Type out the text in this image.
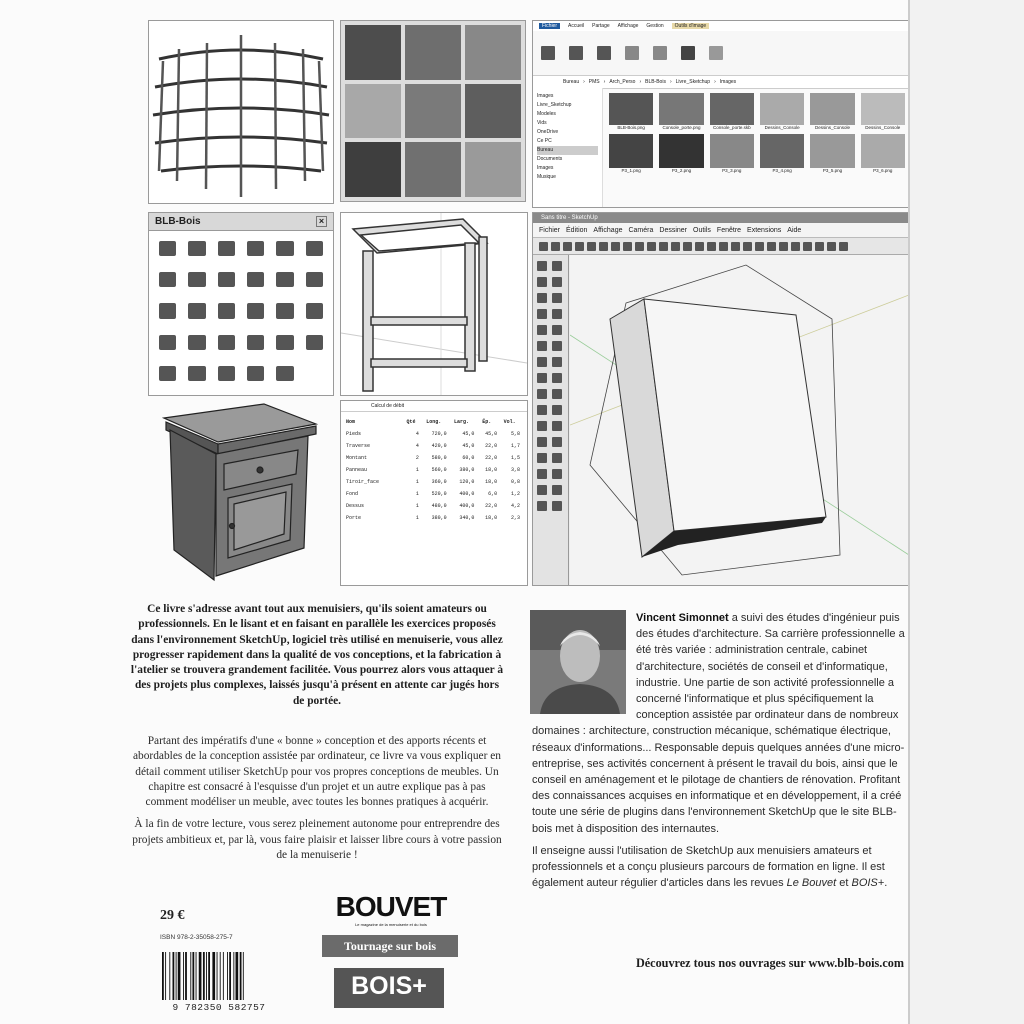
Fichier	Accueil Partage Affichage Gestion	Outils d'image
Bureau › PMS › Arch_Perso › BLB-Bois › Livre_Sketchup › Images
Images
Livre_Sketchup
Modeles
Vids
OneDrive
Ce PC
Bureau
Documents
Images
Musique
BLB-Bois.png	Console_porte.png	Console_porte.skb	Dessins_Console	Dessins_Console	Dessins_Console
P3_1.png	P3_2.png	P3_3.png	P3_4.png	P3_5.png	P3_6.png
BLB-Bois	×	Sans titre - SketchUp
Fichier Édition Affichage Caméra Dessiner Outils Fenêtre Extensions Aide
Calcul de débit
Nom	Qté	Long.	Larg.	Ép.	Vol.
Pieds	4	720,0	45,0	45,0	5,8
Traverse	4	420,0	45,0	22,0	1,7
Montant	2	580,0	60,0	22,0	1,5
Panneau	1	560,0	380,0	18,0	3,8
Tiroir_face	1	360,0	120,0	18,0	0,8
Fond	1	520,0	400,0	6,0	1,2
Dessus	1	480,0	400,0	22,0	4,2
Porte	1	380,0	340,0	18,0	2,3
Ce livre s'adresse avant tout aux menuisiers, qu'ils soient amateurs ou professionnels. En le lisant et en faisant en parallèle les exercices proposés dans l'environnement SketchUp, logiciel très utilisé en menuiserie, vous allez progresser rapidement dans la qualité de vos conceptions, et la fabrication à l'atelier se trouvera grandement facilitée. Vous pourrez alors vous attaquer à des projets plus complexes, laissés jusqu'à présent en attente car jugés hors de portée.

Partant des impératifs d'une « bonne » conception et des apports récents et abordables de la conception assistée par ordinateur, ce livre va vous expliquer en détail comment utiliser SketchUp pour vos propres conceptions de meubles. Un chapitre est consacré à l'esquisse d'un projet et un autre explique pas à pas comment modéliser un meuble, avec toutes les bonnes pratiques à acquérir.

À la fin de votre lecture, vous serez pleinement autonome pour entreprendre des projets ambitieux et, par là, vous faire plaisir et laisser libre cours à votre passion de la menuiserie !

Vincent Simonnet a suivi des études d'ingénieur puis des études d'architecture. Sa carrière professionnelle a été très variée : administration centrale, cabinet d'architecture, sociétés de conseil et d'informatique, industrie. Une partie de son activité professionnelle a concerné l'informatique et plus spécifiquement la conception assistée par ordinateur dans de nombreux domaines : architecture, construction mécanique, schématique électrique, réseaux d'informations... Responsable depuis quelques années d'une micro-entreprise, ses activités concernent à présent le travail du bois, ainsi que le conseil en aménagement et le pilotage de chantiers de rénovation. Profitant des connaissances acquises en informatique et en développement, il a créé toute une série de plugins dans l'environnement SketchUp que le site BLB-bois met à disposition des internautes.

Il enseigne aussi l'utilisation de SketchUp aux menuisiers amateurs et professionnels et a conçu plusieurs parcours de formation en ligne. Il est également auteur régulier d'articles dans les revues Le Bouvet et BOIS+.

Découvrez tous nos ouvrages sur www.blb-bois.com
29 €
ISBN 978-2-35058-275-7
9 782350 582757
BOUVET
Le magazine de la menuiserie et du bois
Tournage sur bois
BOIS+
